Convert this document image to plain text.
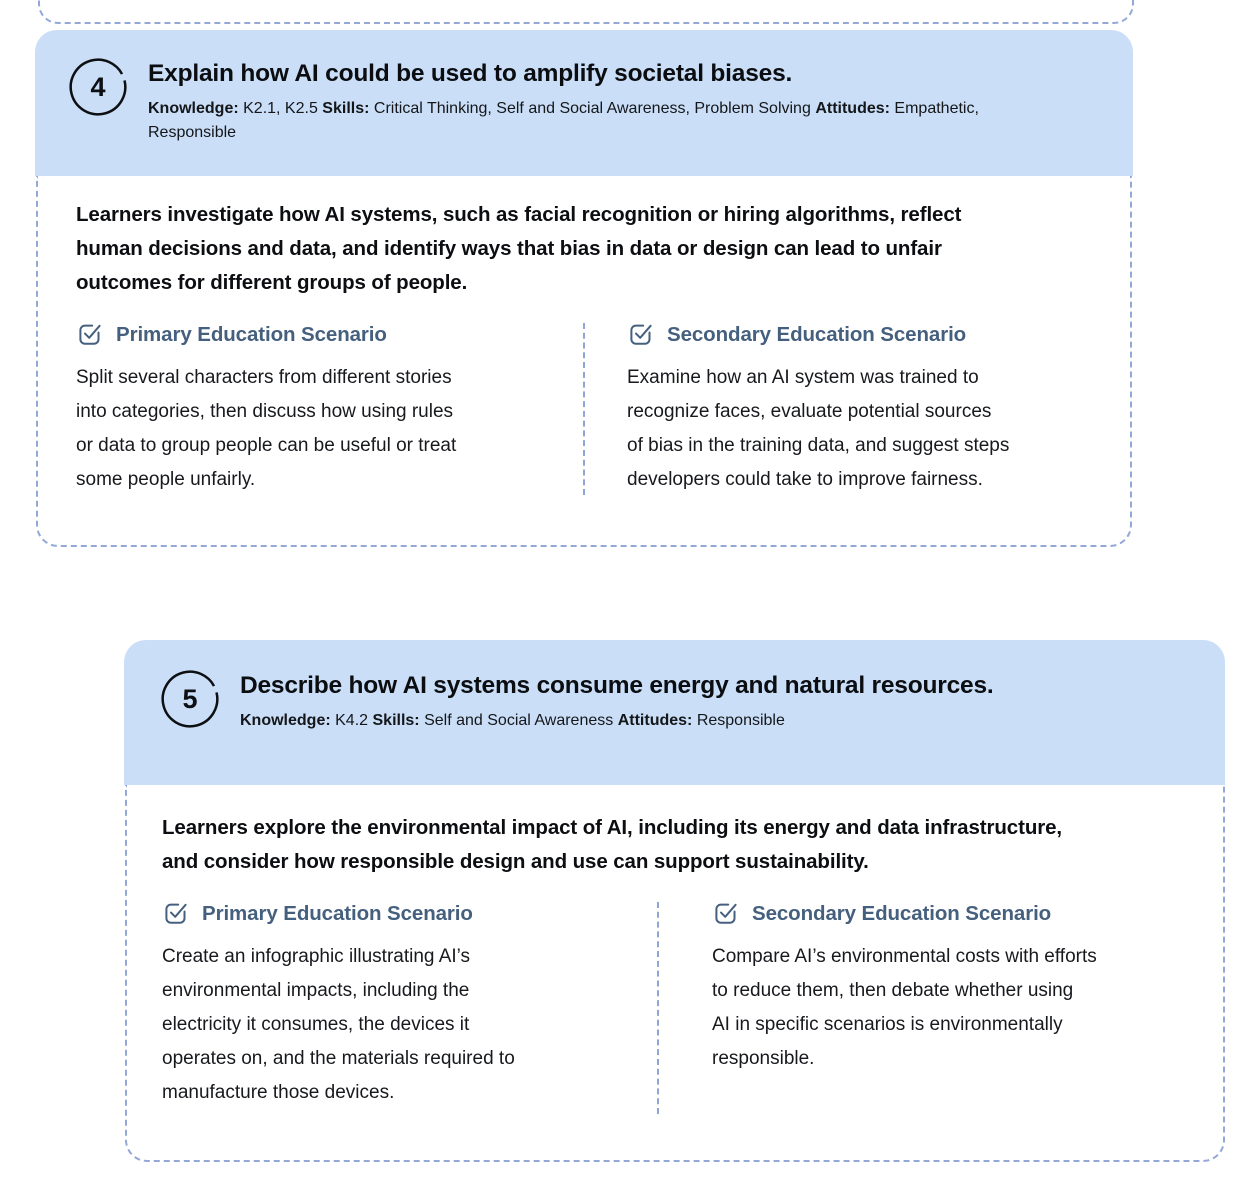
4	Explain how AI could be used to amplify societal biases.
Knowledge: K2.1, K2.5 Skills: Critical Thinking, Self and Social Awareness, Problem Solving Attitudes: Empathetic,
Responsible
Learners investigate how AI systems, such as facial recognition or hiring algorithms, reflect
human decisions and data, and identify ways that bias in data or design can lead to unfair
outcomes for different groups of people.
Primary Education Scenario
Split several characters from different stories
into categories, then discuss how using rules
or data to group people can be useful or treat
some people unfairly.
Secondary Education Scenario
Examine how an AI system was trained to
recognize faces, evaluate potential sources
of bias in the training data, and suggest steps
developers could take to improve fairness.
5	Describe how AI systems consume energy and natural resources.
Knowledge: K4.2 Skills: Self and Social Awareness Attitudes: Responsible
Learners explore the environmental impact of AI, including its energy and data infrastructure,
and consider how responsible design and use can support sustainability.
Primary Education Scenario
Create an infographic illustrating AI’s
environmental impacts, including the
electricity it consumes, the devices it
operates on, and the materials required to
manufacture those devices.
Secondary Education Scenario
Compare AI’s environmental costs with efforts
to reduce them, then debate whether using
AI in specific scenarios is environmentally
responsible.
